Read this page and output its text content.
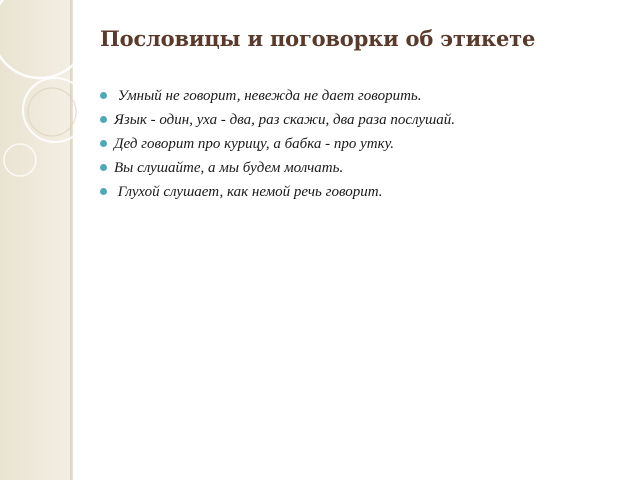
Пословицы и поговорки об этикете
Умный не говорит, невежда не дает говорить.
Язык - один, уха - два, раз скажи, два раза послушай.
Дед говорит про курицу, а бабка - про утку.
Вы слушайте, а мы будем молчать.
Глухой слушает, как немой речь говорит.
